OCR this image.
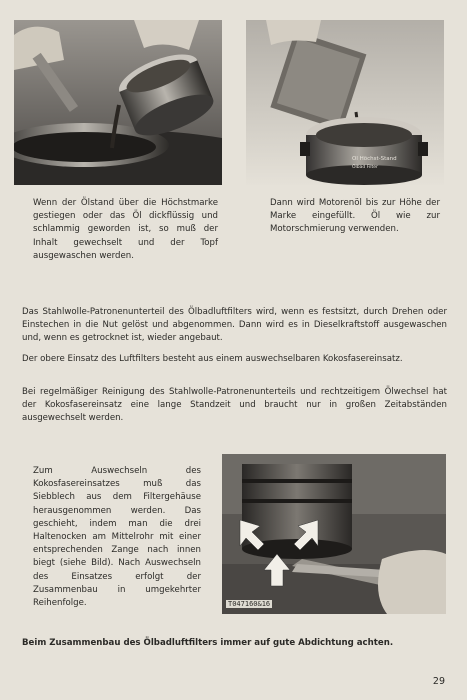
Wenn der Ölstand über die Höchstmarke gestiegen oder das Öl dickflüssig und schlammig geworden ist, so muß der Inhalt gewechselt und der Topf ausgewaschen werden.
Ol Höchst-Stand
Ölbad Filter
Dann wird Motorenöl bis zur Höhe der Marke eingefüllt. Öl wie zur Motorschmierung verwenden.

Das Stahlwolle-Patronenunterteil des Ölbadluftfilters wird, wenn es festsitzt, durch Drehen oder Einstechen in die Nut gelöst und abgenommen. Dann wird es in Dieselkraftstoff ausgewaschen und, wenn es getrocknet ist, wieder angebaut.

Der obere Einsatz des Luftfilters besteht aus einem auswechselbaren Kokosfasereinsatz.

Bei regelmäßiger Reinigung des Stahlwolle-Patronenunterteils und rechtzeitigem Ölwechsel hat der Kokosfasereinsatz eine lange Standzeit und braucht nur in großen Zeitabständen ausgewechselt werden.

Zum Auswechseln des Kokosfasereinsatzes muß das Siebblech aus dem Filtergehäuse herausgenommen werden. Das geschieht, indem man die drei Haltenocken am Mittelrohr mit einer entsprechenden Zange nach innen biegt (siehe Bild). Nach Auswechseln des Einsatzes erfolgt der Zusammenbau in umgekehrter Reihenfolge.	T047160&16
Beim Zusammenbau des Ölbadluftfilters immer auf gute Abdichtung achten.
29
